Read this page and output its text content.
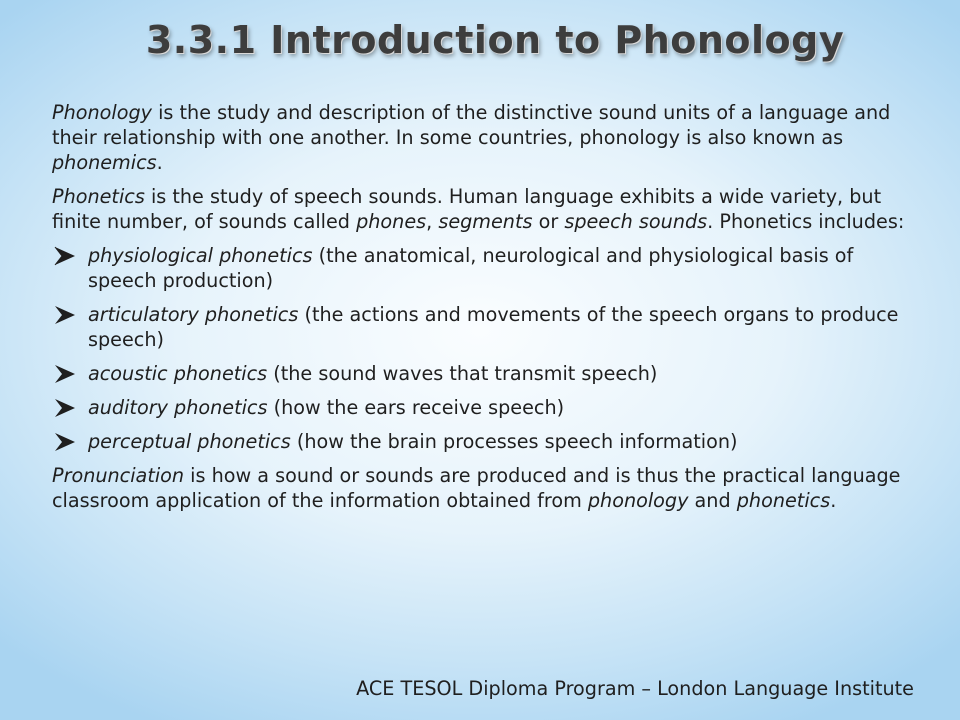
3.3.1 Introduction to Phonology

Phonology is the study and description of the distinctive sound units of a language and their relationship with one another. In some countries, phonology is also known as phonemics.

Phonetics is the study of speech sounds. Human language exhibits a wide variety, but finite number, of sounds called phones, segments or speech sounds. Phonetics includes:

physiological phonetics (the anatomical, neurological and physiological basis of speech production)
articulatory phonetics (the actions and movements of the speech organs to produce speech)
acoustic phonetics (the sound waves that transmit speech)
auditory phonetics (how the ears receive speech)
perceptual phonetics (how the brain processes speech information)

Pronunciation is how a sound or sounds are produced and is thus the practical language classroom application of the information obtained from phonology and phonetics.

ACE TESOL Diploma Program – London Language Institute
